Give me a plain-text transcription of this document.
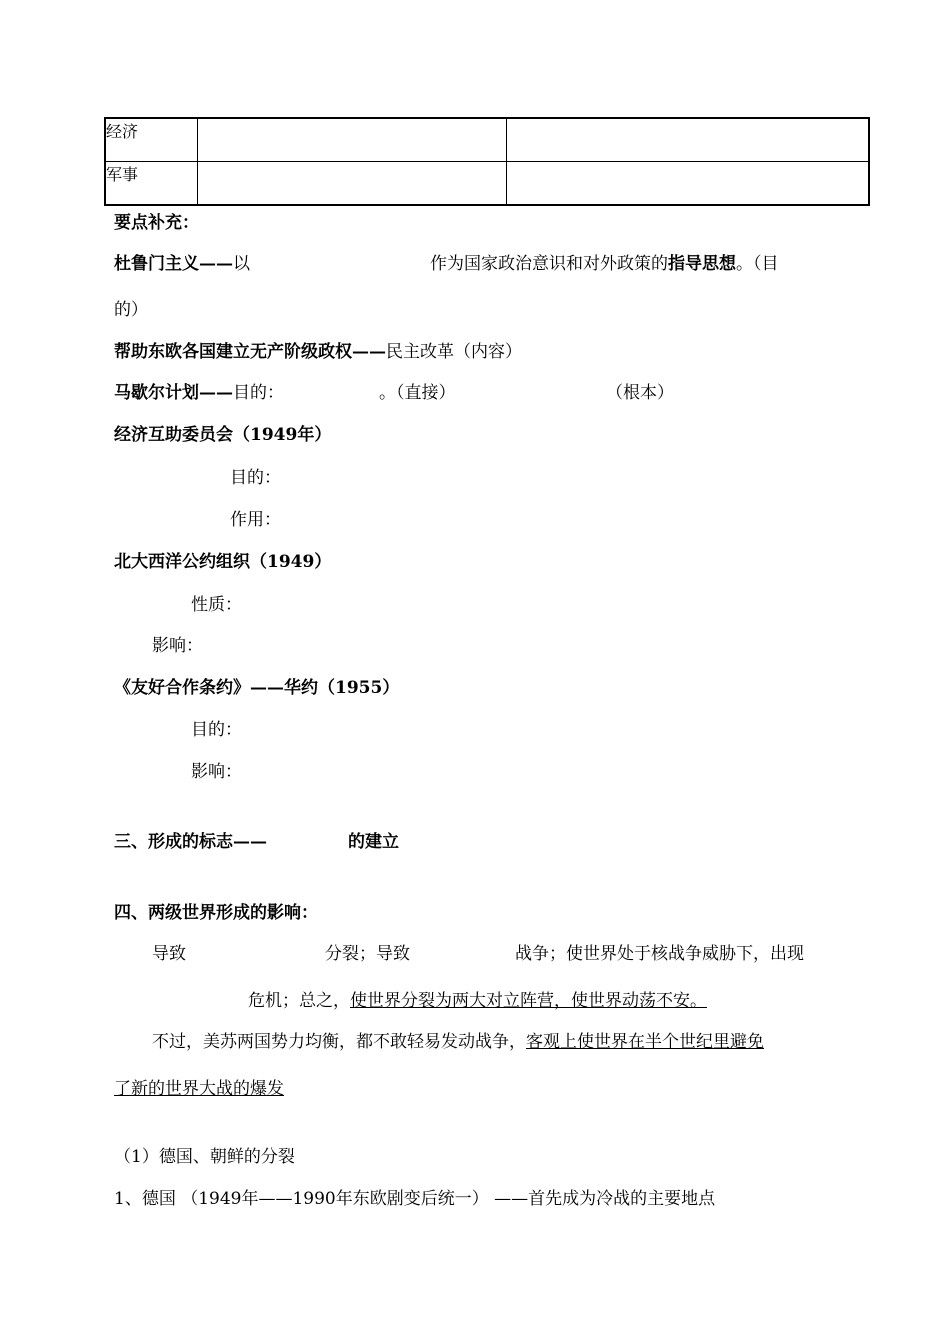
经济		
军事		
要点补充：
杜鲁门主义——以	作为国家政治意识和对外政策的指导思想。（目
的）
帮助东欧各国建立无产阶级政权——民主改革（内容）
马歇尔计划——目的：	。（直接）	（根本）
经济互助委员会（1949年）
目的：
作用：
北大西洋公约组织（1949）
性质：
影响：
《友好合作条约》——华约（1955）
目的：
影响：
三、形成的标志——	的建立
四、两级世界形成的影响：
导致	分裂；导致	战争；使世界处于核战争威胁下，出现
危机；总之，使世界分裂为两大对立阵营，使世界动荡不安。
不过，美苏两国势力均衡，都不敢轻易发动战争，客观上使世界在半个世纪里避免
了新的世界大战的爆发
（1）德国、朝鲜的分裂
1、德国 （1949年——1990年东欧剧变后统一） ——首先成为冷战的主要地点
